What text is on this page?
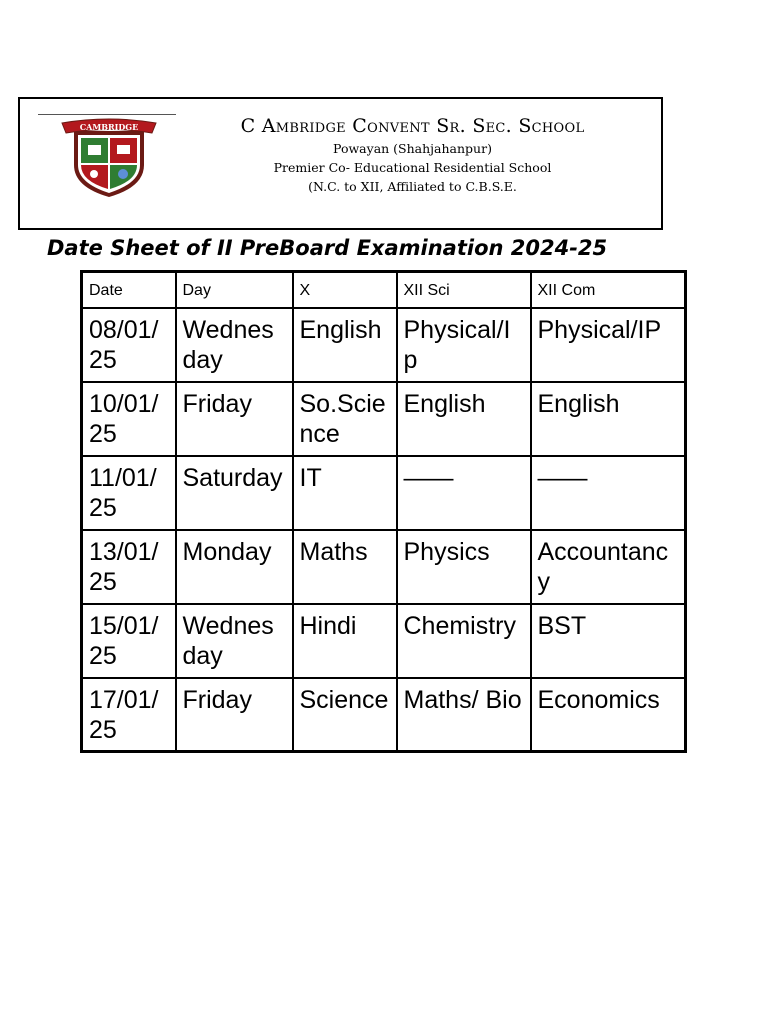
CAMBRIDGE	C Ambridge Convent Sr. Sec. School
Powayan (Shahjahanpur)
Premier Co- Educational Residential School
(N.C. to XII, Affiliated to C.B.S.E.
Date Sheet of II PreBoard Examination 2024-25
Date	Day	X	XII Sci	XII Com
08/01/25	Wednesday	English	Physical/Ip	Physical/IP
10/01/25	Friday	So.Science	English	English
11/01/25	Saturday	IT	——	——
13/01/25	Monday	Maths	Physics	Accountancy
15/01/25	Wednesday	Hindi	Chemistry	BST
17/01/25	Friday	Science	Maths/ Bio	Economics
